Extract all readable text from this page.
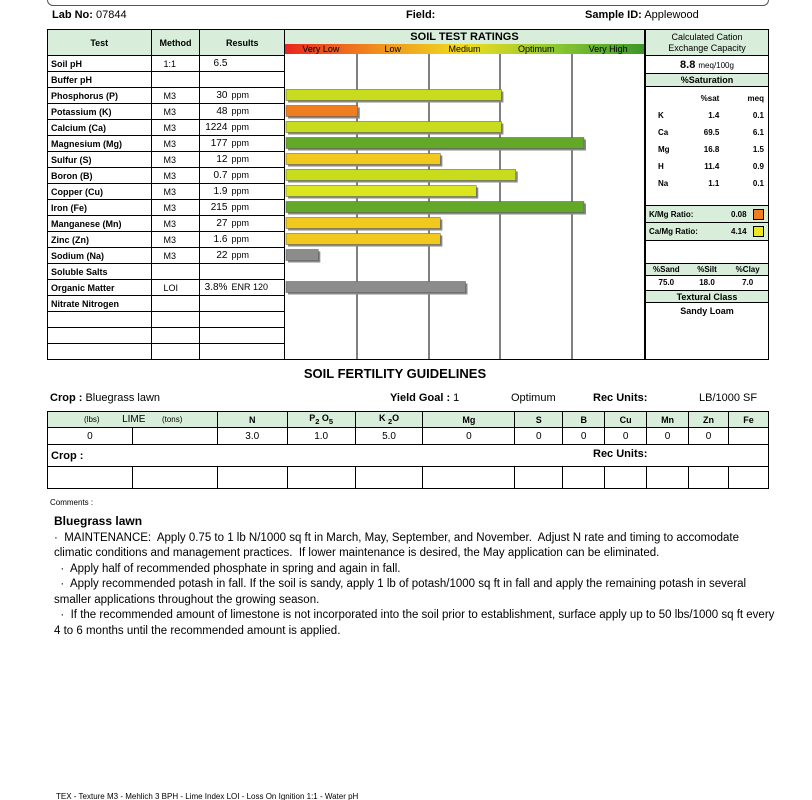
Lab No: 07844	Field:	Sample ID: Applewood
Test	Method	Results
Soil pH	1:1	6.5
Buffer pH		
Phosphorus (P)	M3	30 ppm
Potassium (K)	M3	48 ppm
Calcium (Ca)	M3	1224 ppm
Magnesium (Mg)	M3	177 ppm
Sulfur (S)	M3	12 ppm
Boron (B)	M3	0.7 ppm
Copper (Cu)	M3	1.9 ppm
Iron (Fe)	M3	215 ppm
Manganese (Mn)	M3	27 ppm
Zinc (Zn)	M3	1.6 ppm
Sodium (Na)	M3	22 ppm
Soluble Salts		
Organic Matter	LOI	3.8% ENR 120
Nitrate Nitrogen		

SOIL TEST RATINGS
Very Low	Low	Medium	Optimum	Very High
Calculated Cation
Exchange Capacity
8.8 meq/100g
%Saturation
	%sat	meq
K	1.4	0.1
Ca	69.5	6.1
Mg	16.8	1.5
H	11.4	0.9
Na	1.1	0.1
K/Mg Ratio:	0.08
Ca/Mg Ratio:	4.14
%Sand	%Silt	%Clay
75.0	18.0	7.0
Textural Class
Sandy Loam
SOIL FERTILITY GUIDELINES
Crop : Bluegrass lawn	Yield Goal : 1	Optimum	Rec Units:	LB/1000 SF
(lbs) LIME (tons)		N	$P_2$ $O_5$	K $_2$O	Mg	S	B	Cu	Mn	Zn	Fe
0		3.0	1.0	5.0	0	0	0	0	0	0	
Crop : Rec Units:											

Comments :
Bluegrass lawn

·  MAINTENANCE:  Apply 0.75 to 1 lb N/1000 sq ft in March, May, September, and November.  Adjust N rate and timing to accomodate climatic conditions and management practices.  If lower maintenance is desired, the May application can be eliminated.

·  Apply half of recommended phosphate in spring and again in fall.

·  Apply recommended potash in fall. If the soil is sandy, apply 1 lb of potash/1000 sq ft in fall and apply the remaining potash in several smaller applications throughout the growing season.

·  If the recommended amount of limestone is not incorporated into the soil prior to establishment, surface apply up to 50 lbs/1000 sq ft every 4 to 6 months until the recommended amount is applied.

TEX - Texture M3 - Mehlich 3 BPH - Lime Index LOI - Loss On Ignition 1:1 - Water pH
